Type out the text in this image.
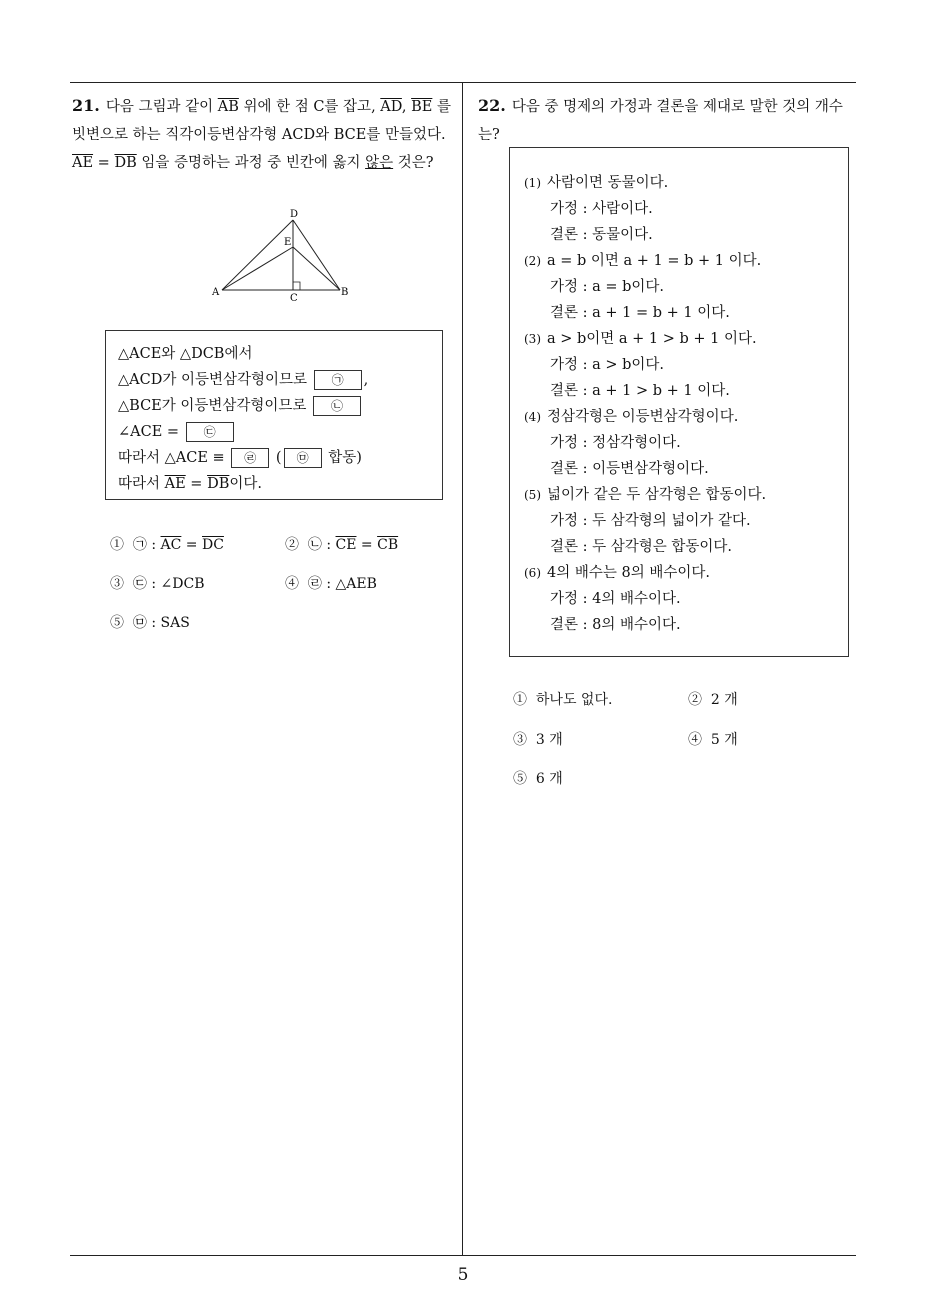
21. 다음 그림과 같이 $\overline{AB}$ 위에 한 점 C를 잡고, $\overline{AD}$, $\overline{BE}$ 를 빗변으로 하는 직각이등변삼각형 ACD와 BCE를 만들었다. $\overline{AE} = \overline{DB}$ 임을 증명하는 과정 중 빈칸에 옳지 않은 것은?
D
E
A
C
B
△ACE와 △DCB에서
△ACD가 이등변삼각형이므로 ㉠ ,
△BCE가 이등변삼각형이므로 ㉡
∠ACE = ㉢
따라서 △ACE ≡ ㉣ ( ㉤ 합동)
따라서 $\overline{AE} = \overline{DB}$이다.
① ㉠ : $\overline{AC} = \overline{DC}$	② ㉡ : $\overline{CE} = \overline{CB}$
③ ㉢ : ∠DCB	④ ㉣ : △AEB
⑤ ㉤ : SAS
22. 다음 중 명제의 가정과 결론을 제대로 말한 것의 개수는?
(1) 사람이면 동물이다.
가정 : 사람이다.
결론 : 동물이다.
(2) a = b 이면 a + 1 = b + 1 이다.
가정 : a = b이다.
결론 : a + 1 = b + 1 이다.
(3) a > b이면 a + 1 > b + 1 이다.
가정 : a > b이다.
결론 : a + 1 > b + 1 이다.
(4) 정삼각형은 이등변삼각형이다.
가정 : 정삼각형이다.
결론 : 이등변삼각형이다.
(5) 넓이가 같은 두 삼각형은 합동이다.
가정 : 두 삼각형의 넓이가 같다.
결론 : 두 삼각형은 합동이다.
(6) 4의 배수는 8의 배수이다.
가정 : 4의 배수이다.
결론 : 8의 배수이다.
① 하나도 없다.	② 2 개
③ 3 개	④ 5 개
⑤ 6 개
5
